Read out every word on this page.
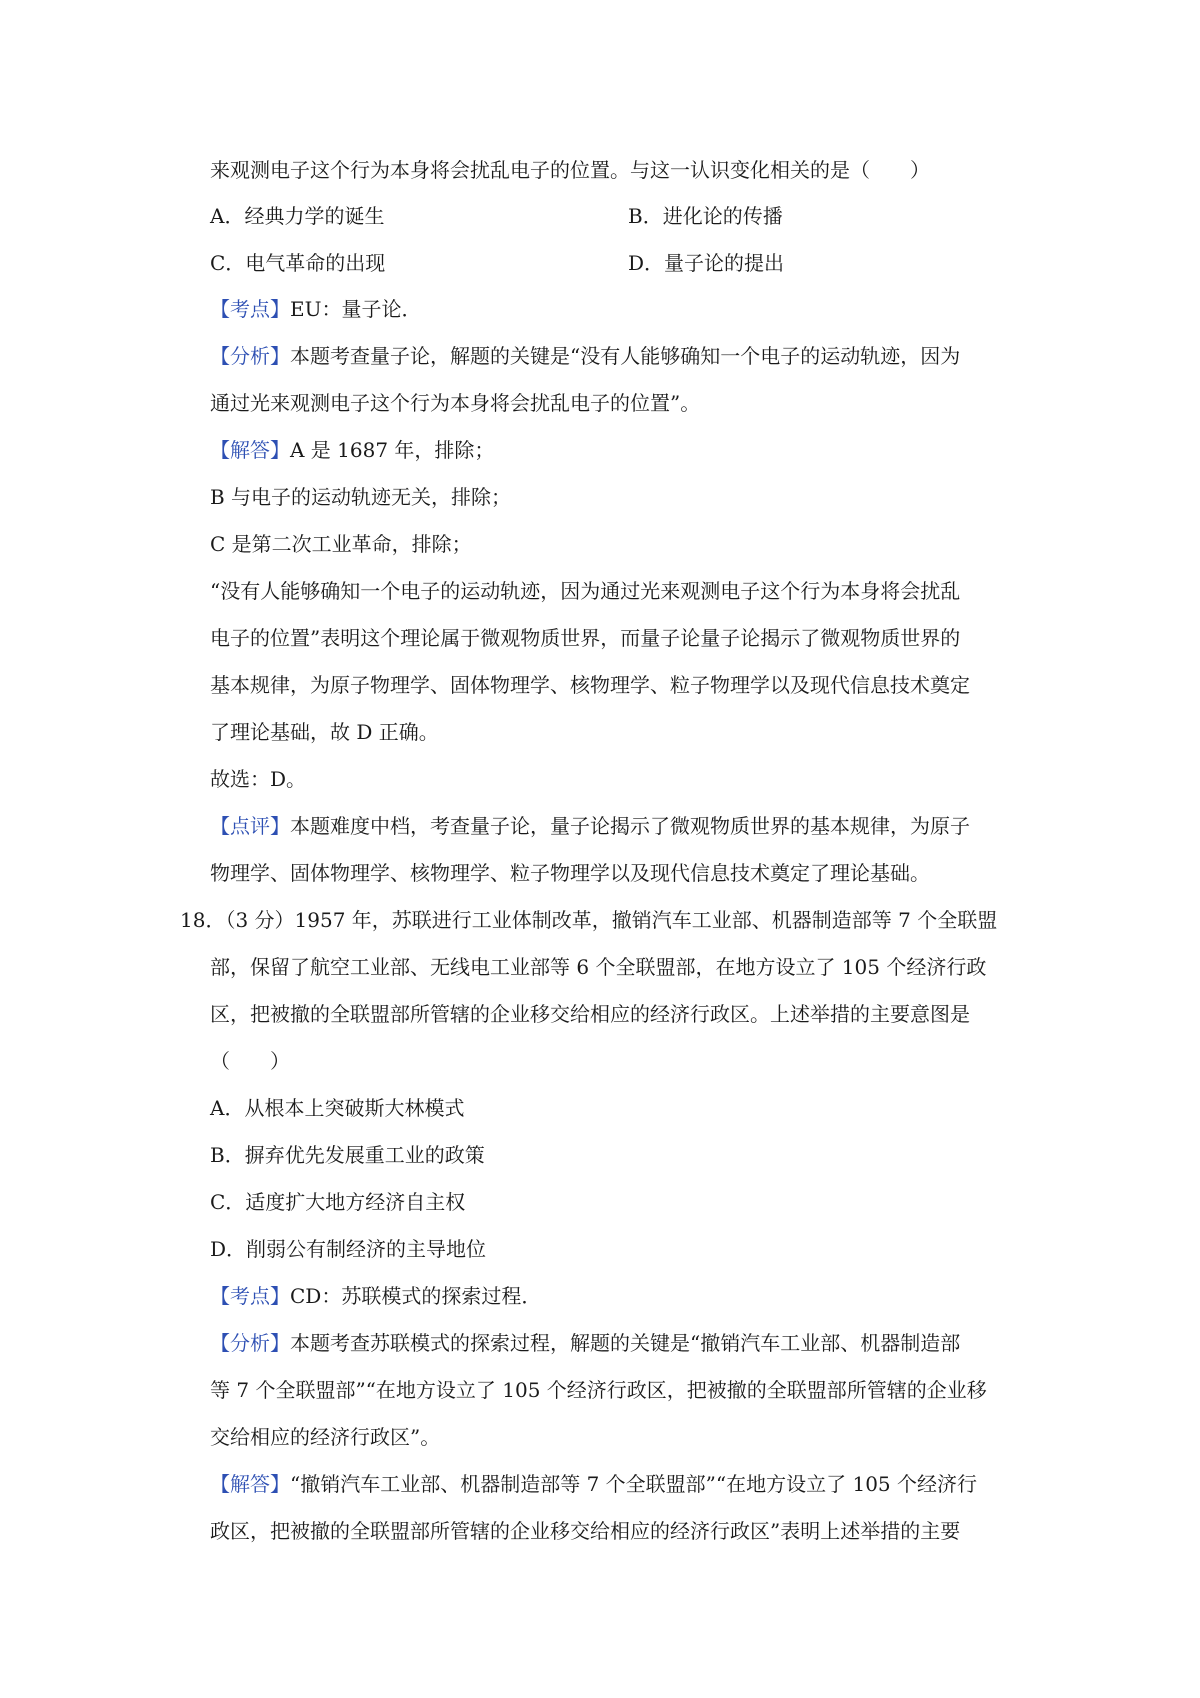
来观测电子这个行为本身将会扰乱电子的位置。与这一认识变化相关的是（　　）
A．经典力学的诞生	B．进化论的传播
C．电气革命的出现	D．量子论的提出
【考点】EU：量子论．
【分析】本题考查量子论，解题的关键是“没有人能够确知一个电子的运动轨迹，因为
通过光来观测电子这个行为本身将会扰乱电子的位置”。
【解答】A 是 1687 年，排除；
B 与电子的运动轨迹无关，排除；
C 是第二次工业革命，排除；
“没有人能够确知一个电子的运动轨迹，因为通过光来观测电子这个行为本身将会扰乱
电子的位置”表明这个理论属于微观物质世界，而量子论量子论揭示了微观物质世界的
基本规律，为原子物理学、固体物理学、核物理学、粒子物理学以及现代信息技术奠定
了理论基础，故 D 正确。
故选：D。
【点评】本题难度中档，考查量子论，量子论揭示了微观物质世界的基本规律，为原子
物理学、固体物理学、核物理学、粒子物理学以及现代信息技术奠定了理论基础。
18．（3 分）1957 年，苏联进行工业体制改革，撤销汽车工业部、机器制造部等 7 个全联盟
部，保留了航空工业部、无线电工业部等 6 个全联盟部，在地方设立了 105 个经济行政
区，把被撤的全联盟部所管辖的企业移交给相应的经济行政区。上述举措的主要意图是
（　　）
A．从根本上突破斯大林模式
B．摒弃优先发展重工业的政策
C．适度扩大地方经济自主权
D．削弱公有制经济的主导地位
【考点】CD：苏联模式的探索过程．
【分析】本题考查苏联模式的探索过程，解题的关键是“撤销汽车工业部、机器制造部
等 7 个全联盟部”“在地方设立了 105 个经济行政区，把被撤的全联盟部所管辖的企业移
交给相应的经济行政区”。
【解答】“撤销汽车工业部、机器制造部等 7 个全联盟部”“在地方设立了 105 个经济行
政区，把被撤的全联盟部所管辖的企业移交给相应的经济行政区”表明上述举措的主要
